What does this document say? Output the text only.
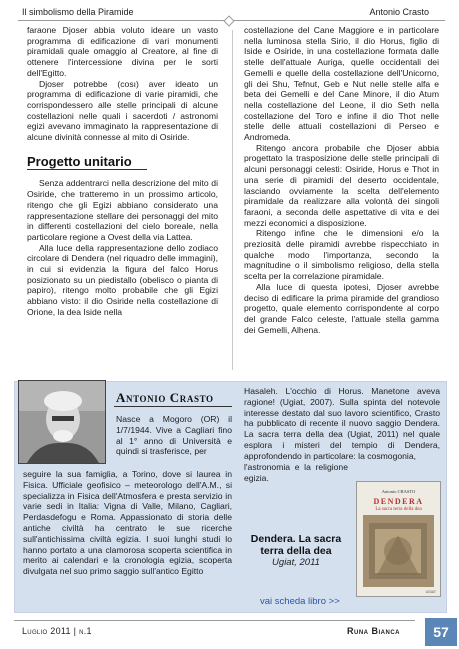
Il simbolismo della Piramide	Antonio Crasto

faraone Djoser abbia voluto ideare un vasto programma di edificazione di vari monumenti piramidali quale omaggio al Creatore, al fine di ottenere l'intercessione divina per le sorti dell'Egitto.

Djoser potrebbe (cosı) aver ideato un programma di edificazione di varie piramidi, che corrispondessero alle stelle principali di alcune costellazioni nelle quali i sacerdoti / astronomi egizi avevano immaginato la rappresentazione di alcune divinità connesse al mito di Osiride.

Progetto unitario

Senza addentrarci nella descrizione del mito di Osiride, che tratteremo in un prossimo articolo, ritengo che gli Egizi abbiano considerato una rappresentazione stellare dei personaggi del mito in differenti costellazioni del cielo boreale, nella particolare regione a Ovest della via Lattea.

Alla luce della rappresentazione dello zodiaco circolare di Dendera (nel riquadro delle immagini), in cui si evidenzia la figura del falco Horus posizionato su un piedistallo (obelisco o pianta di papiro), ritengo molto probabile che gli Egizi abbiano visto: il dio Osiride nella costellazione di Orione, la dea Iside nella

costellazione del Cane Maggiore e in particolare nella luminosa stella Sirio, il dio Horus, figlio di Iside e Osiride, in una costellazione formata dalle stelle dell'attuale Auriga, quelle occidentali dei Gemelli e quelle della costellazione dell'Unicorno, gli dei Shu, Tefnut, Geb e Nut nelle stelle alfa e beta dei Gemelli e del Cane Minore, il dio Atum nella costellazione del Leone, il dio Seth nella costellazione del Toro e infine il dio Thot nelle stelle delle attuali costellazioni di Perseo e Andromeda.

Ritengo ancora probabile che Djoser abbia progettato la trasposizione delle stelle principali di alcuni personaggi celesti: Osiride, Horus e Thot in una serie di piramidi del deserto occidentale, lasciando ovviamente la scelta dell'elemento piramidale da realizzare alla volontà dei singoli faraoni, a seconda delle aspettative di vita e dei mezzi economici a disposizione.

Ritengo infine che le dimensioni e/o la preziosità delle piramidi avrebbe rispecchiato in qualche modo l'importanza, secondo la magnitudine o il simbolismo religioso, della stella scelta per la correlazione piramidale.

Alla luce di questa ipotesi, Djoser avrebbe deciso di edificare la prima piramide del grandioso progetto, quale elemento corrispondente al corpo del grande Falco celeste, l'attuale stella gamma dei Gemelli, Alhena.

Antonio Crasto
Nasce a Mogoro (OR) il 1/7/1944. Vive a Cagliari fino al 1° anno di Università e quindi si trasferisce, per
seguire la sua famiglia, a Torino, dove si laurea in Fisica. Ufficiale geofisico – meteorologo dell'A.M., si specializza in Fisica dell'Atmosfera e presta servizio in varie sedi in Italia: Vigna di Valle, Milano, Cagliari, Perdasdefogu e Roma. Appassionato di storia delle antiche civiltà ha centrato le sue ricerche sull'antichissima civiltà egizia. I suoi lunghi studi lo hanno portato a una clamorosa scoperta scientifica in merito ai calendari e la cronologia egizia, scoperta divulgata nel suo primo saggio sull'antico Egitto
Hasaleh. L'occhio di Horus. Manetone aveva ragione! (Ugiat, 2007). Sulla spinta del notevole interesse destato dal suo lavoro scientifico, Crasto ha pubblicato di recente il nuovo saggio Dendera. La sacra terra della dea (Ugiat, 2011) nel quale esplora i misteri del tempio di Dendera, approfondendo in particolare: la cosmogonia,
Antonio CRASTO
DENDERA
La sacra terra della dea
UGIAT
Dendera. La sacra terra della dea
Ugiat, 2011
vai scheda libro >>
l'astronomia e la religione egizia.
Luglio 2011 | n.1	Runa Bianca	57
